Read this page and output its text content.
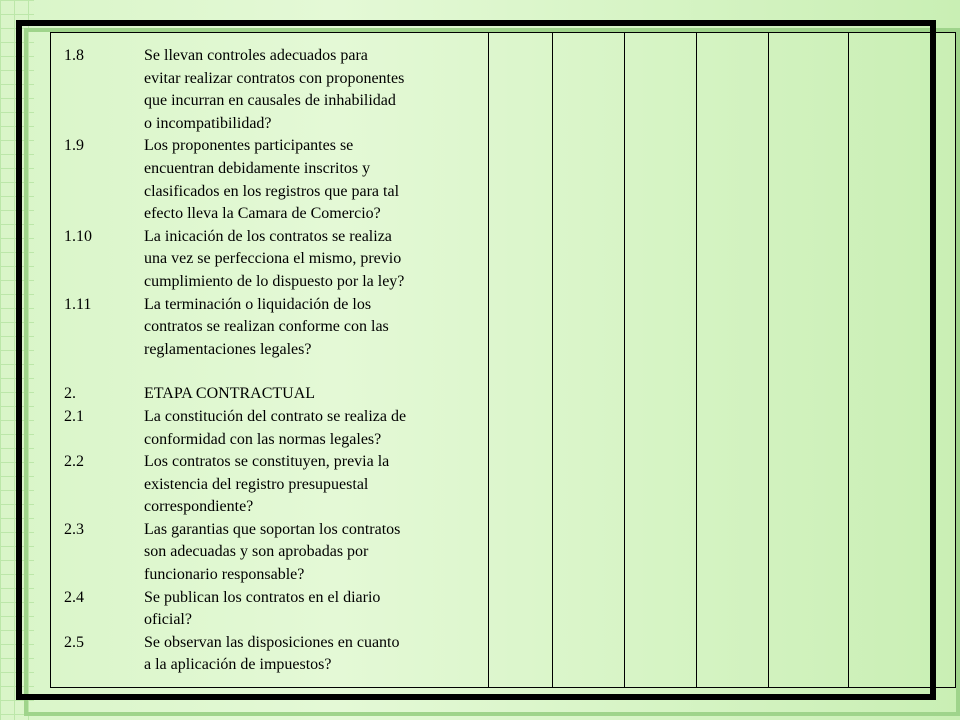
1.8	Se llevan controles adecuados para
evitar realizar contratos con proponentes
que incurran en causales de inhabilidad
o incompatibilidad?
1.9	Los proponentes participantes se
encuentran debidamente inscritos y
clasificados en los registros que para tal
efecto lleva la Camara de Comercio?
1.10	La inicación de los contratos se realiza
una vez se perfecciona el mismo, previo
cumplimiento de lo dispuesto por la ley?
1.11	La terminación o liquidación de los
contratos se realizan conforme con las
reglamentaciones legales?
2.	ETAPA CONTRACTUAL
2.1	La constitución del contrato se realiza de
conformidad con las normas legales?
2.2	Los contratos se constituyen, previa la
existencia del registro presupuestal
correspondiente?
2.3	Las garantias que soportan los contratos
son adecuadas y son aprobadas por
funcionario responsable?
2.4	Se publican los contratos en el diario
oficial?
2.5	Se observan las disposiciones en cuanto
a la aplicación de impuestos?
